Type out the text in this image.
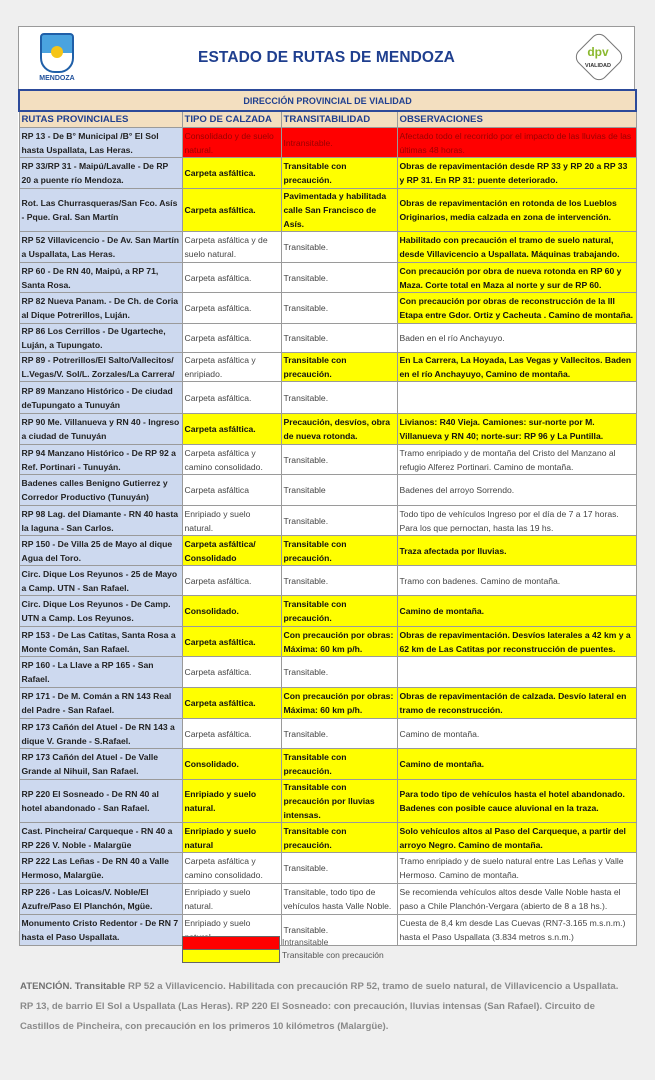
MENDOZA
ESTADO DE RUTAS DE MENDOZA	dpv
VIALIDAD
DIRECCIÓN PROVINCIAL DE VIALIDAD			
RUTAS PROVINCIALES	TIPO DE CALZADA	TRANSITABILIDAD	OBSERVACIONES
RP 13 - De B° Municipal /B° El Sol hasta Uspallata, Las Heras.	Consolidado y de suelo natural.	Intransitable.	Afectado todo el recorrido por el impacto de las lluvias de las últimas 48 horas.
RP 33/RP 31 - Maipú/Lavalle - De RP 20 a puente río Mendoza.	Carpeta asfáltica.	Transitable con precaución.	Obras de repavimentación desde RP 33 y RP 20 a RP 33 y RP 31. En RP 31: puente deteriorado.
Rot. Las Churrasqueras/San Fco. Asís - Pque. Gral. San Martín	Carpeta asfáltica.	Pavimentada y habilitada calle San Francisco de Asís.	Obras de repavimentación en rotonda de los Lueblos Originarios, media calzada en zona de intervención.
RP 52 Villavicencio - De Av. San Martín a Uspallata, Las Heras.	Carpeta asfáltica y de suelo natural.	Transitable.	Habilitado con precaución el tramo de suelo natural, desde Villavicencio a Uspallata. Máquinas trabajando.
RP 60 - De RN 40, Maipú, a RP 71, Santa Rosa.	Carpeta asfáltica.	Transitable.	Con precaución por obra de nueva rotonda en RP 60 y Maza. Corte total en Maza al norte y sur de RP 60.
RP 82 Nueva Panam. - De Ch. de Coria al Dique Potrerillos, Luján.	Carpeta asfáltica.	Transitable.	Con precaución por obras de reconstrucción de la III Etapa entre Gdor. Ortiz y Cacheuta . Camino de montaña.
RP 86 Los Cerrillos - De Ugarteche, Luján, a Tupungato.	Carpeta asfáltica.	Transitable.	Baden en el río Anchayuyo.
RP 89 - Potrerillos/El Salto/Vallecitos/ L.Vegas/V. Sol/L. Zorzales/La Carrera/	Carpeta asfáltica y enripiado.	Transitable con precaución.	En La Carrera, La Hoyada, Las Vegas y Vallecitos. Baden en el río Anchayuyo, Camino de montaña.
RP 89 Manzano Histórico - De ciudad deTupungato a Tunuyán	Carpeta asfáltica.	Transitable.	
RP 90 Me. Villanueva y RN 40 - Ingreso a ciudad de Tunuyán	Carpeta asfáltica.	Precaución, desvíos, obra de nueva rotonda.	Livianos: R40 Vieja. Camiones: sur-norte por M. Villanueva y RN 40; norte-sur: RP 96 y La Puntilla.
RP 94 Manzano Histórico - De RP 92 a Ref. Portinari - Tunuyán.	Carpeta asfáltica y camino consolidado.	Transitable.	Tramo enripiado y de montaña del Cristo del Manzano al refugio Alferez Portinari. Camino de montaña.
Badenes calles Benigno Gutierrez y Corredor Productivo (Tunuyán)	Carpeta asfáltica	Transitable	Badenes del arroyo Sorrendo.
RP 98 Lag. del Diamante - RN 40 hasta la laguna - San Carlos.	Enripiado y suelo natural.	Transitable.	Todo tipo de vehículos Ingreso por el día de 7 a 17 horas. Para los que pernoctan, hasta las 19 hs.
RP 150 - De Villa 25 de Mayo al dique Agua del Toro.	Carpeta asfáltica/ Consolidado	Transitable con precaución.	Traza afectada por lluvias.
Circ. Dique Los Reyunos - 25 de Mayo a Camp. UTN - San Rafael.	Carpeta asfáltica.	Transitable.	Tramo con badenes. Camino de montaña.
Circ. Dique Los Reyunos - De Camp. UTN a Camp. Los Reyunos.	Consolidado.	Transitable con precaución.	Camino de montaña.
RP 153 - De Las Catitas, Santa Rosa a Monte Comán, San Rafael.	Carpeta asfáltica.	Con precaución por obras: Máxima: 60 km p/h.	Obras de repavimentación. Desvíos laterales a 42 km y a 62 km de Las Catitas por reconstrucción de puentes.
RP 160 - La Llave a RP 165 - San Rafael.	Carpeta asfáltica.	Transitable.	
RP 171 - De M. Comán a RN 143 Real del Padre - San Rafael.	Carpeta asfáltica.	Con precaución por obras: Máxima: 60 km p/h.	Obras de repavimentación de calzada. Desvío lateral en tramo de reconstrucción.
RP 173 Cañón del Atuel - De RN 143 a dique V. Grande - S.Rafael.	Carpeta asfáltica.	Transitable.	Camino de montaña.
RP 173 Cañón del Atuel - De Valle Grande al Nihuil, San Rafael.	Consolidado.	Transitable con precaución.	Camino de montaña.
RP 220 El Sosneado - De RN 40 al hotel abandonado - San Rafael.	Enripiado y suelo natural.	Transitable con precaución por lluvias intensas.	Para todo tipo de vehículos hasta el hotel abandonado. Badenes con posible cauce aluvional en la traza.
Cast. Pincheira/ Carqueque - RN 40 a RP 226 V. Noble - Malargüe	Enripiado y suelo natural	Transitable con precaución.	Solo vehículos altos al Paso del Carqueque, a partir del arroyo Negro. Camino de montaña.
RP 222 Las Leñas - De RN 40 a Valle Hermoso, Malargüe.	Carpeta asfáltica y camino consolidado.	Transitable.	Tramo enripiado y de suelo natural entre Las Leñas y Valle Hermoso. Camino de montaña.
RP 226 - Las Loicas/V. Noble/El Azufre/Paso El Planchón, Mgüe.	Enripiado y suelo natural.	Transitable, todo tipo de vehículos hasta Valle Noble.	Se recomienda vehículos altos desde Valle Noble hasta el paso a Chile Planchón-Vergara (abierto de 8 a 18 hs.).
Monumento Cristo Redentor - De RN 7 hasta el Paso Uspallata.	Enripiado y suelo	Transitable.	Cuesta de 8,4 km desde Las Cuevas (RN7-3.165 m.s.n.m.) hasta el Paso Uspallata (3.834 metros s.n.m.)
Intransitable
Transitable con precaución
ATENCIÓN. Transitable RP 52 a Villavicencio. Habilitada con precaución RP 52, tramo de suelo natural, de Villavicencio a Uspallata. RP 13, de barrio El Sol a Uspallata (Las Heras). RP 220 El Sosneado: con precaución, lluvias intensas (San Rafael). Circuito de Castillos de Pincheira, con precaución en los primeros 10 kilómetros (Malargüe).
